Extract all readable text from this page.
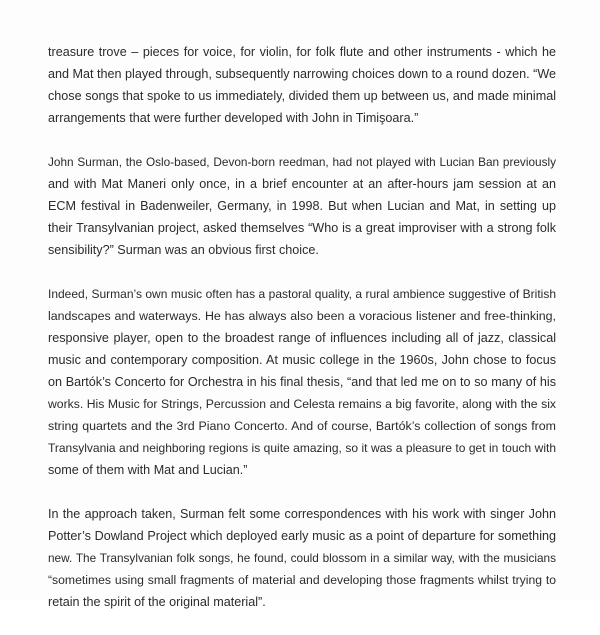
treasure trove – pieces for voice, for violin, for folk flute and other instruments - which he
and Mat then played through, subsequently narrowing choices down to a round dozen. “We
chose songs that spoke to us immediately, divided them up between us, and made minimal
arrangements that were further developed with John in Timişoara.”

John Surman, the Oslo-based, Devon-born reedman, had not played with Lucian Ban previously
and with Mat Maneri only once, in a brief encounter at an after-hours jam session at an
ECM festival in Badenweiler, Germany, in 1998. But when Lucian and Mat, in setting up
their Transylvanian project, asked themselves “Who is a great improviser with a strong folk
sensibility?” Surman was an obvious first choice.

Indeed, Surman’s own music often has a pastoral quality, a rural ambience suggestive of British
landscapes and waterways. He has always also been a voracious listener and free-thinking,
responsive player, open to the broadest range of influences including all of jazz, classical
music and contemporary composition. At music college in the 1960s, John chose to focus
on Bartók’s Concerto for Orchestra in his final thesis, “and that led me on to so many of his
works. His Music for Strings, Percussion and Celesta remains a big favorite, along with the six
string quartets and the 3rd Piano Concerto. And of course, Bartók’s collection of songs from
Transylvania and neighboring regions is quite amazing, so it was a pleasure to get in touch with
some of them with Mat and Lucian.”

In the approach taken, Surman felt some correspondences with his work with singer John
Potter’s Dowland Project which deployed early music as a point of departure for something
new. The Transylvanian folk songs, he found, could blossom in a similar way, with the musicians
“sometimes using small fragments of material and developing those fragments whilst trying to
retain the spirit of the original material”.
